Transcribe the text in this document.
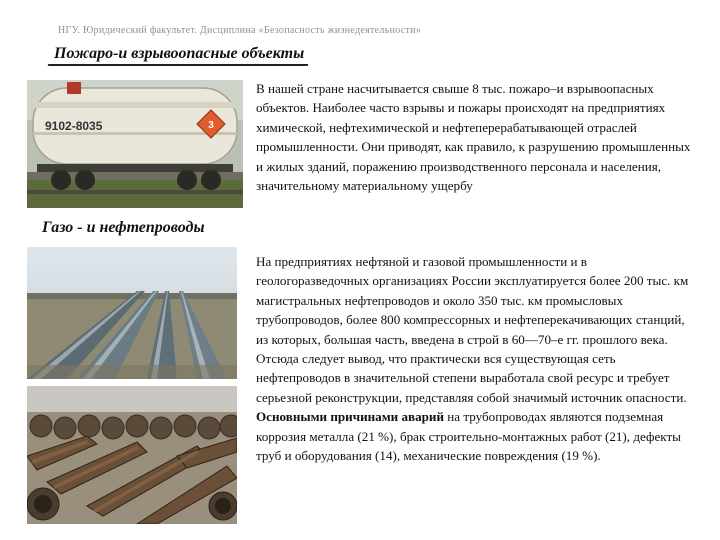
НГУ. Юридический факультет. Дисциплина «Безопасность жизнедеятельности»
Пожаро-и взрывоопасные объекты
9102-8035	3

В нашей стране насчитывается свыше 8 тыс. пожаро–и взрывоопасных объектов. Наиболее часто взрывы и пожары происходят на предприятиях химической, нефтехимической и нефтеперерабатывающей отраслей промышленности. Они приводят, как правило, к разрушению промышленных и жилых зданий, поражению производственного персонала и населения, значительному материальному ущербу

Газо - и нефтепроводы

На предприятиях нефтяной и газовой промышленности и в геологоразведочных организациях России эксплуатируется более 200 тыс. км магистральных нефтепроводов и около 350 тыс. км промысловых трубопроводов, более 800 компрессорных и нефтеперекачивающих станций, из которых, большая часть, введена в строй в 60—70–е гг. прошлого века. Отсюда следует вывод, что практически вся существующая сеть нефтепроводов в значительной степени выработала свой ресурс и требует серьезной реконструкции, представляя собой значимый источник опасности. Основными причинами аварий на трубопроводах являются подземная коррозия металла (21 %), брак строительно-монтажных работ (21), дефекты труб и оборудования (14), механические повреждения (19 %).
